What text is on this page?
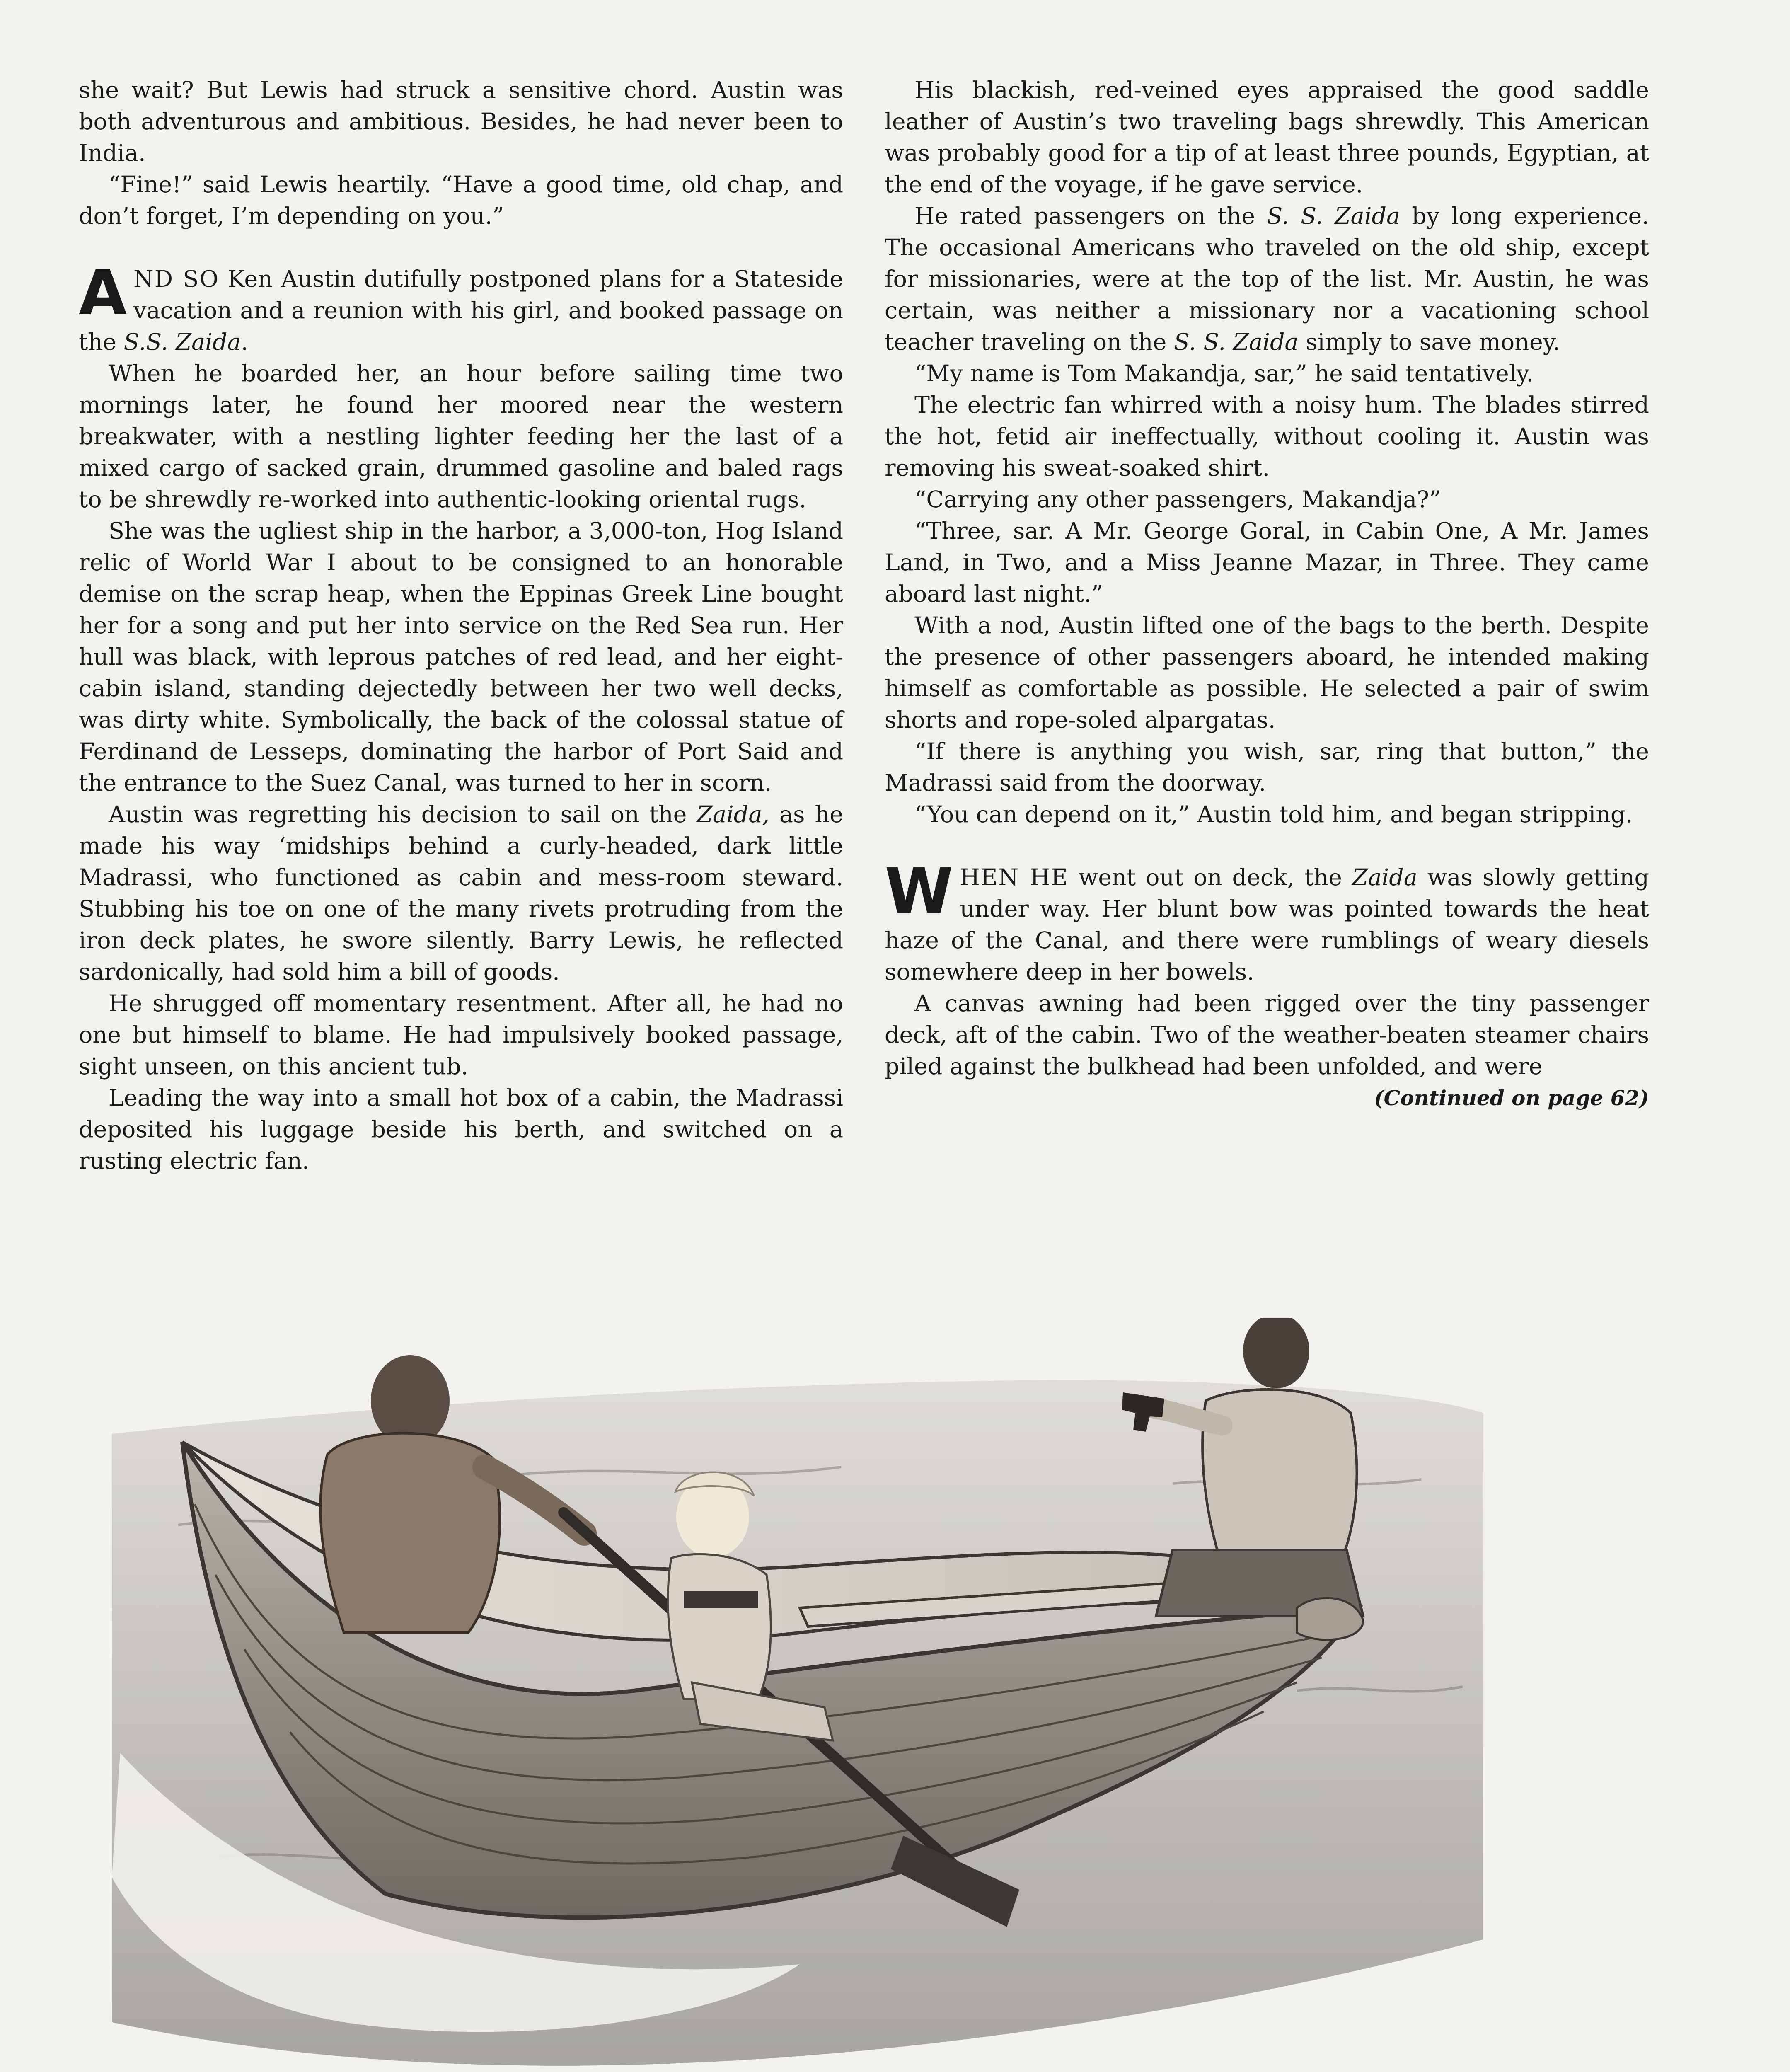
she wait? But Lewis had struck a sensitive chord. Austin was both adventurous and ambitious. Besides, he had never been to India.

“Fine!” said Lewis heartily. “Have a good time, old chap, and don’t forget, I’m depending on you.”

AND SO Ken Austin dutifully postponed plans for a Stateside vacation and a reunion with his girl, and booked passage on the S.S. Zaida.

When he boarded her, an hour before sailing time two mornings later, he found her moored near the western breakwater, with a nestling lighter feeding her the last of a mixed cargo of sacked grain, drummed gasoline and baled rags to be shrewdly re-worked into authentic-looking oriental rugs.

She was the ugliest ship in the harbor, a 3,000-ton, Hog Island relic of World War I about to be consigned to an honorable demise on the scrap heap, when the Eppinas Greek Line bought her for a song and put her into service on the Red Sea run. Her hull was black, with leprous patches of red lead, and her eight-cabin island, standing dejectedly between her two well decks, was dirty white. Symbolically, the back of the colossal statue of Ferdinand de Lesseps, dominating the harbor of Port Said and the entrance to the Suez Canal, was turned to her in scorn.

Austin was regretting his decision to sail on the Zaida, as he made his way ‘midships behind a curly-headed, dark little Madrassi, who functioned as cabin and mess-room steward. Stubbing his toe on one of the many rivets protruding from the iron deck plates, he swore silently. Barry Lewis, he reflected sardonically, had sold him a bill of goods.

He shrugged off momentary resentment. After all, he had no one but himself to blame. He had impulsively booked passage, sight unseen, on this ancient tub.

Leading the way into a small hot box of a cabin, the Madrassi deposited his luggage beside his berth, and switched on a rusting electric fan.

His blackish, red-veined eyes appraised the good saddle leather of Austin’s two traveling bags shrewdly. This American was probably good for a tip of at least three pounds, Egyptian, at the end of the voyage, if he gave service.

He rated passengers on the S. S. Zaida by long experience. The occasional Americans who traveled on the old ship, except for missionaries, were at the top of the list. Mr. Austin, he was certain, was neither a missionary nor a vacationing school teacher traveling on the S. S. Zaida simply to save money.

“My name is Tom Makandja, sar,” he said tentatively.

The electric fan whirred with a noisy hum. The blades stirred the hot, fetid air ineffectually, without cooling it. Austin was removing his sweat-soaked shirt.

“Carrying any other passengers, Makandja?”

“Three, sar. A Mr. George Goral, in Cabin One, A Mr. James Land, in Two, and a Miss Jeanne Mazar, in Three. They came aboard last night.”

With a nod, Austin lifted one of the bags to the berth. Despite the presence of other passengers aboard, he intended making himself as comfortable as possible. He selected a pair of swim shorts and rope-soled alpargatas.

“If there is anything you wish, sar, ring that button,” the Madrassi said from the doorway.

“You can depend on it,” Austin told him, and began stripping.

WHEN HE went out on deck, the Zaida was slowly getting under way. Her blunt bow was pointed towards the heat haze of the Canal, and there were rumblings of weary diesels somewhere deep in her bowels.

A canvas awning had been rigged over the tiny passenger deck, aft of the cabin. Two of the weather-beaten steamer chairs piled against the bulkhead had been unfolded, and were
(Continued on page 62)
